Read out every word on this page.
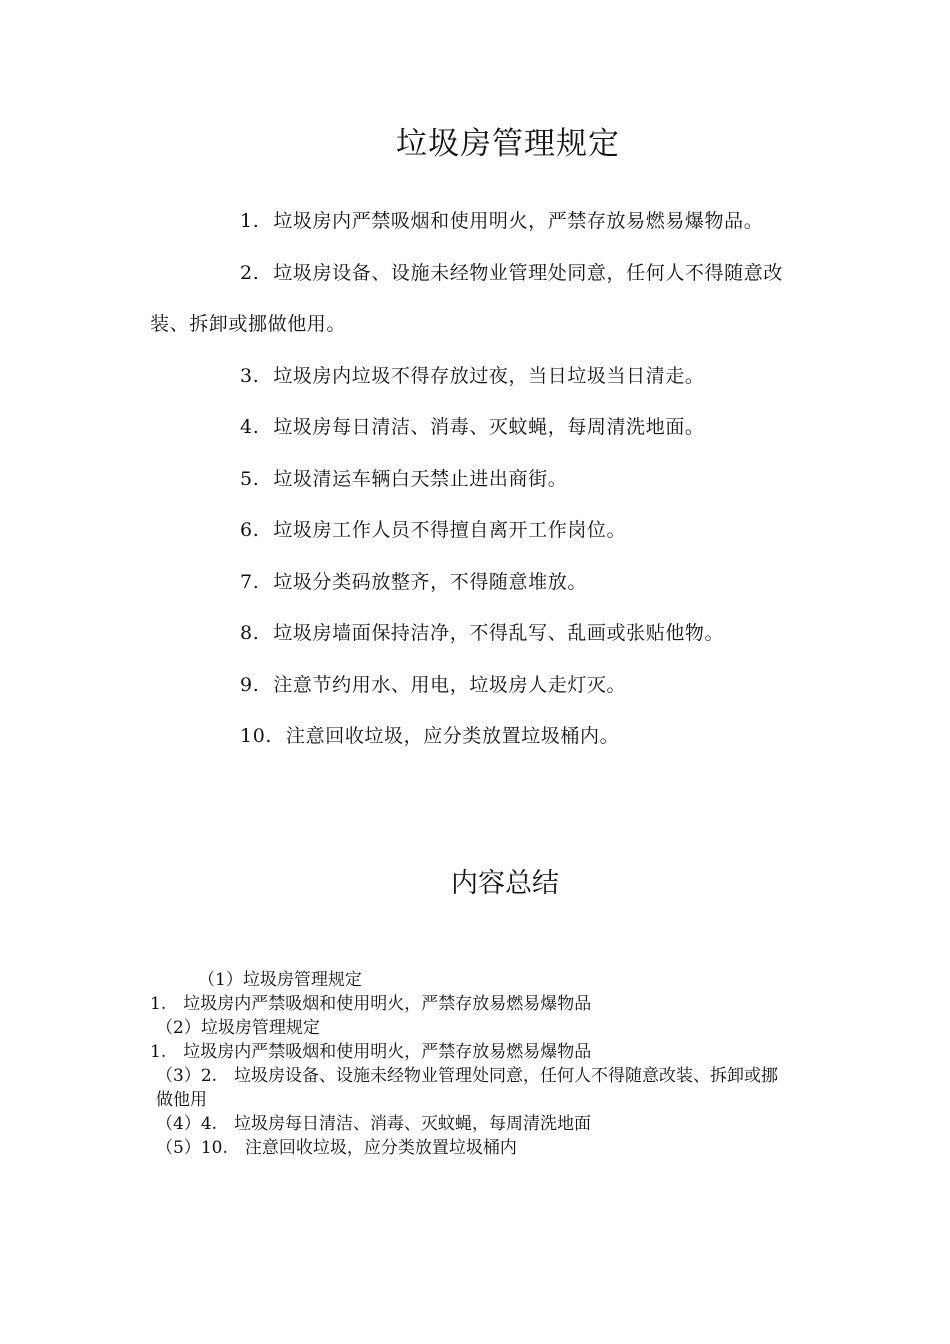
垃圾房管理规定
1. 垃圾房内严禁吸烟和使用明火，严禁存放易燃易爆物品。
2. 垃圾房设备、设施未经物业管理处同意，任何人不得随意改装、拆卸或挪做他用。
3. 垃圾房内垃圾不得存放过夜，当日垃圾当日清走。
4. 垃圾房每日清洁、消毒、灭蚊蝇，每周清洗地面。
5. 垃圾清运车辆白天禁止进出商街。
6. 垃圾房工作人员不得擅自离开工作岗位。
7. 垃圾分类码放整齐，不得随意堆放。
8. 垃圾房墙面保持洁净，不得乱写、乱画或张贴他物。
9. 注意节约用水、用电，垃圾房人走灯灭。
10. 注意回收垃圾，应分类放置垃圾桶内。
内容总结

（1）垃圾房管理规定

1.　垃圾房内严禁吸烟和使用明火，严禁存放易燃易爆物品

（2）垃圾房管理规定

1.　垃圾房内严禁吸烟和使用明火，严禁存放易燃易爆物品

（3）2.　垃圾房设备、设施未经物业管理处同意，任何人不得随意改装、拆卸或挪做他用

（4）4.　垃圾房每日清洁、消毒、灭蚊蝇，每周清洗地面

（5）10.　注意回收垃圾，应分类放置垃圾桶内
